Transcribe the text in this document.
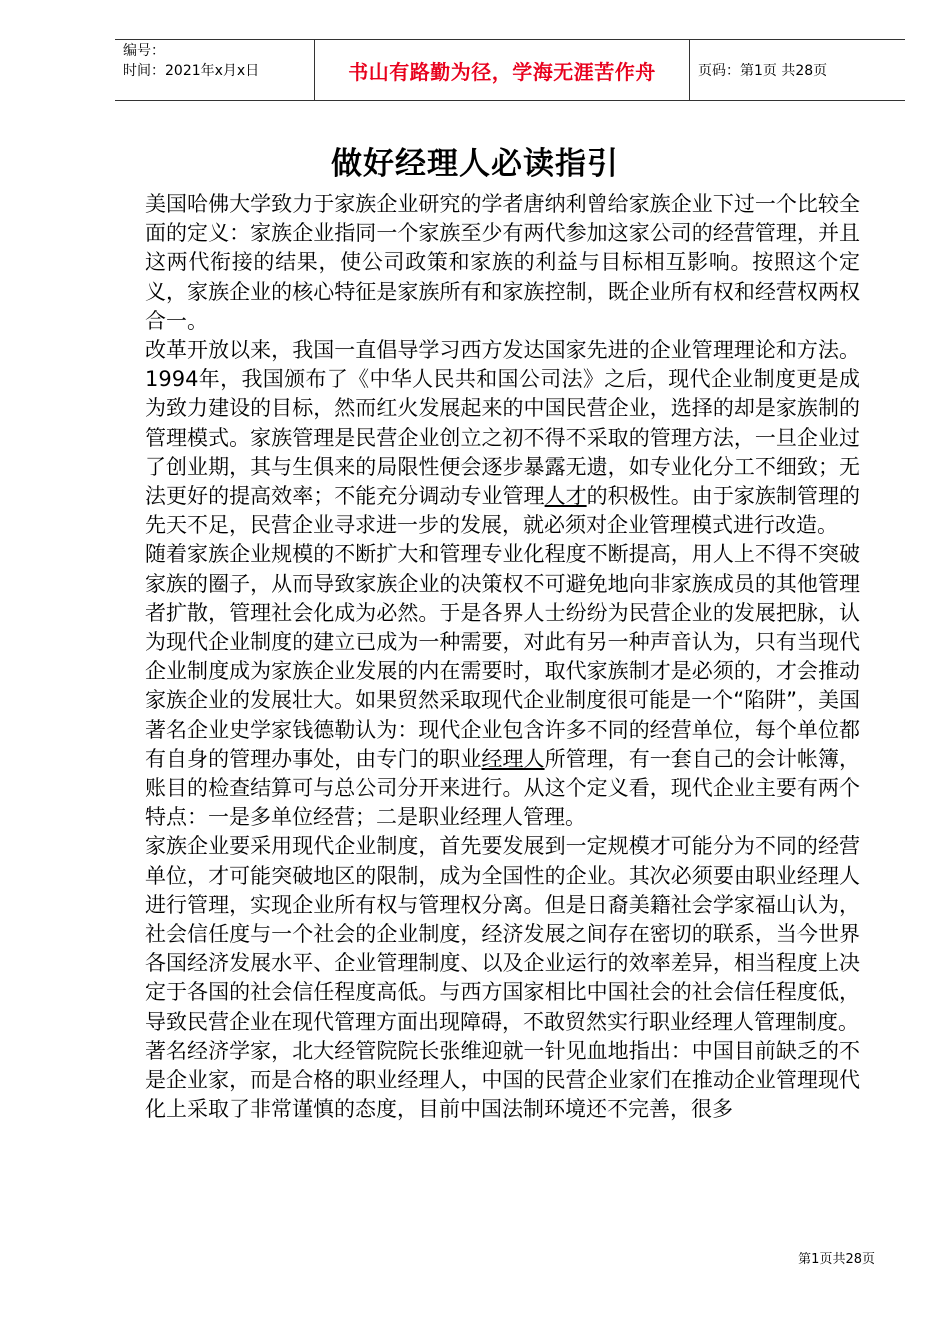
编号：
时间：2021年x月x日	书山有路勤为径，学海无涯苦作舟	页码：第1页 共28页
做好经理人必读指引

美国哈佛大学致力于家族企业研究的学者唐纳利曾给家族企业下过一个比较全面的定义：家族企业指同一个家族至少有两代参加这家公司的经营管理，并且这两代衔接的结果，使公司政策和家族的利益与目标相互影响。按照这个定义，家族企业的核心特征是家族所有和家族控制，既企业所有权和经营权两权合一。

改革开放以来，我国一直倡导学习西方发达国家先进的企业管理理论和方法。1994年，我国颁布了《中华人民共和国公司法》之后，现代企业制度更是成为致力建设的目标，然而红火发展起来的中国民营企业，选择的却是家族制的管理模式。家族管理是民营企业创立之初不得不采取的管理方法，一旦企业过了创业期，其与生俱来的局限性便会逐步暴露无遗，如专业化分工不细致；无法更好的提高效率；不能充分调动专业管理人才的积极性。由于家族制管理的先天不足，民营企业寻求进一步的发展，就必须对企业管理模式进行改造。

随着家族企业规模的不断扩大和管理专业化程度不断提高，用人上不得不突破家族的圈子，从而导致家族企业的决策权不可避免地向非家族成员的其他管理者扩散，管理社会化成为必然。于是各界人士纷纷为民营企业的发展把脉，认为现代企业制度的建立已成为一种需要，对此有另一种声音认为，只有当现代企业制度成为家族企业发展的内在需要时，取代家族制才是必须的，才会推动家族企业的发展壮大。如果贸然采取现代企业制度很可能是一个“陷阱”，美国著名企业史学家钱德勒认为：现代企业包含许多不同的经营单位，每个单位都有自身的管理办事处，由专门的职业经理人所管理，有一套自己的会计帐簿，账目的检查结算可与总公司分开来进行。从这个定义看，现代企业主要有两个特点：一是多单位经营；二是职业经理人管理。

家族企业要采用现代企业制度，首先要发展到一定规模才可能分为不同的经营单位，才可能突破地区的限制，成为全国性的企业。其次必须要由职业经理人进行管理，实现企业所有权与管理权分离。但是日裔美籍社会学家福山认为，社会信任度与一个社会的企业制度，经济发展之间存在密切的联系，当今世界各国经济发展水平、企业管理制度、以及企业运行的效率差异，相当程度上决定于各国的社会信任程度高低。与西方国家相比中国社会的社会信任程度低，导致民营企业在现代管理方面出现障碍，不敢贸然实行职业经理人管理制度。

著名经济学家，北大经管院院长张维迎就一针见血地指出：中国目前缺乏的不是企业家，而是合格的职业经理人，中国的民营企业家们在推动企业管理现代化上采取了非常谨慎的态度，目前中国法制环境还不完善，很多

第1页共28页
